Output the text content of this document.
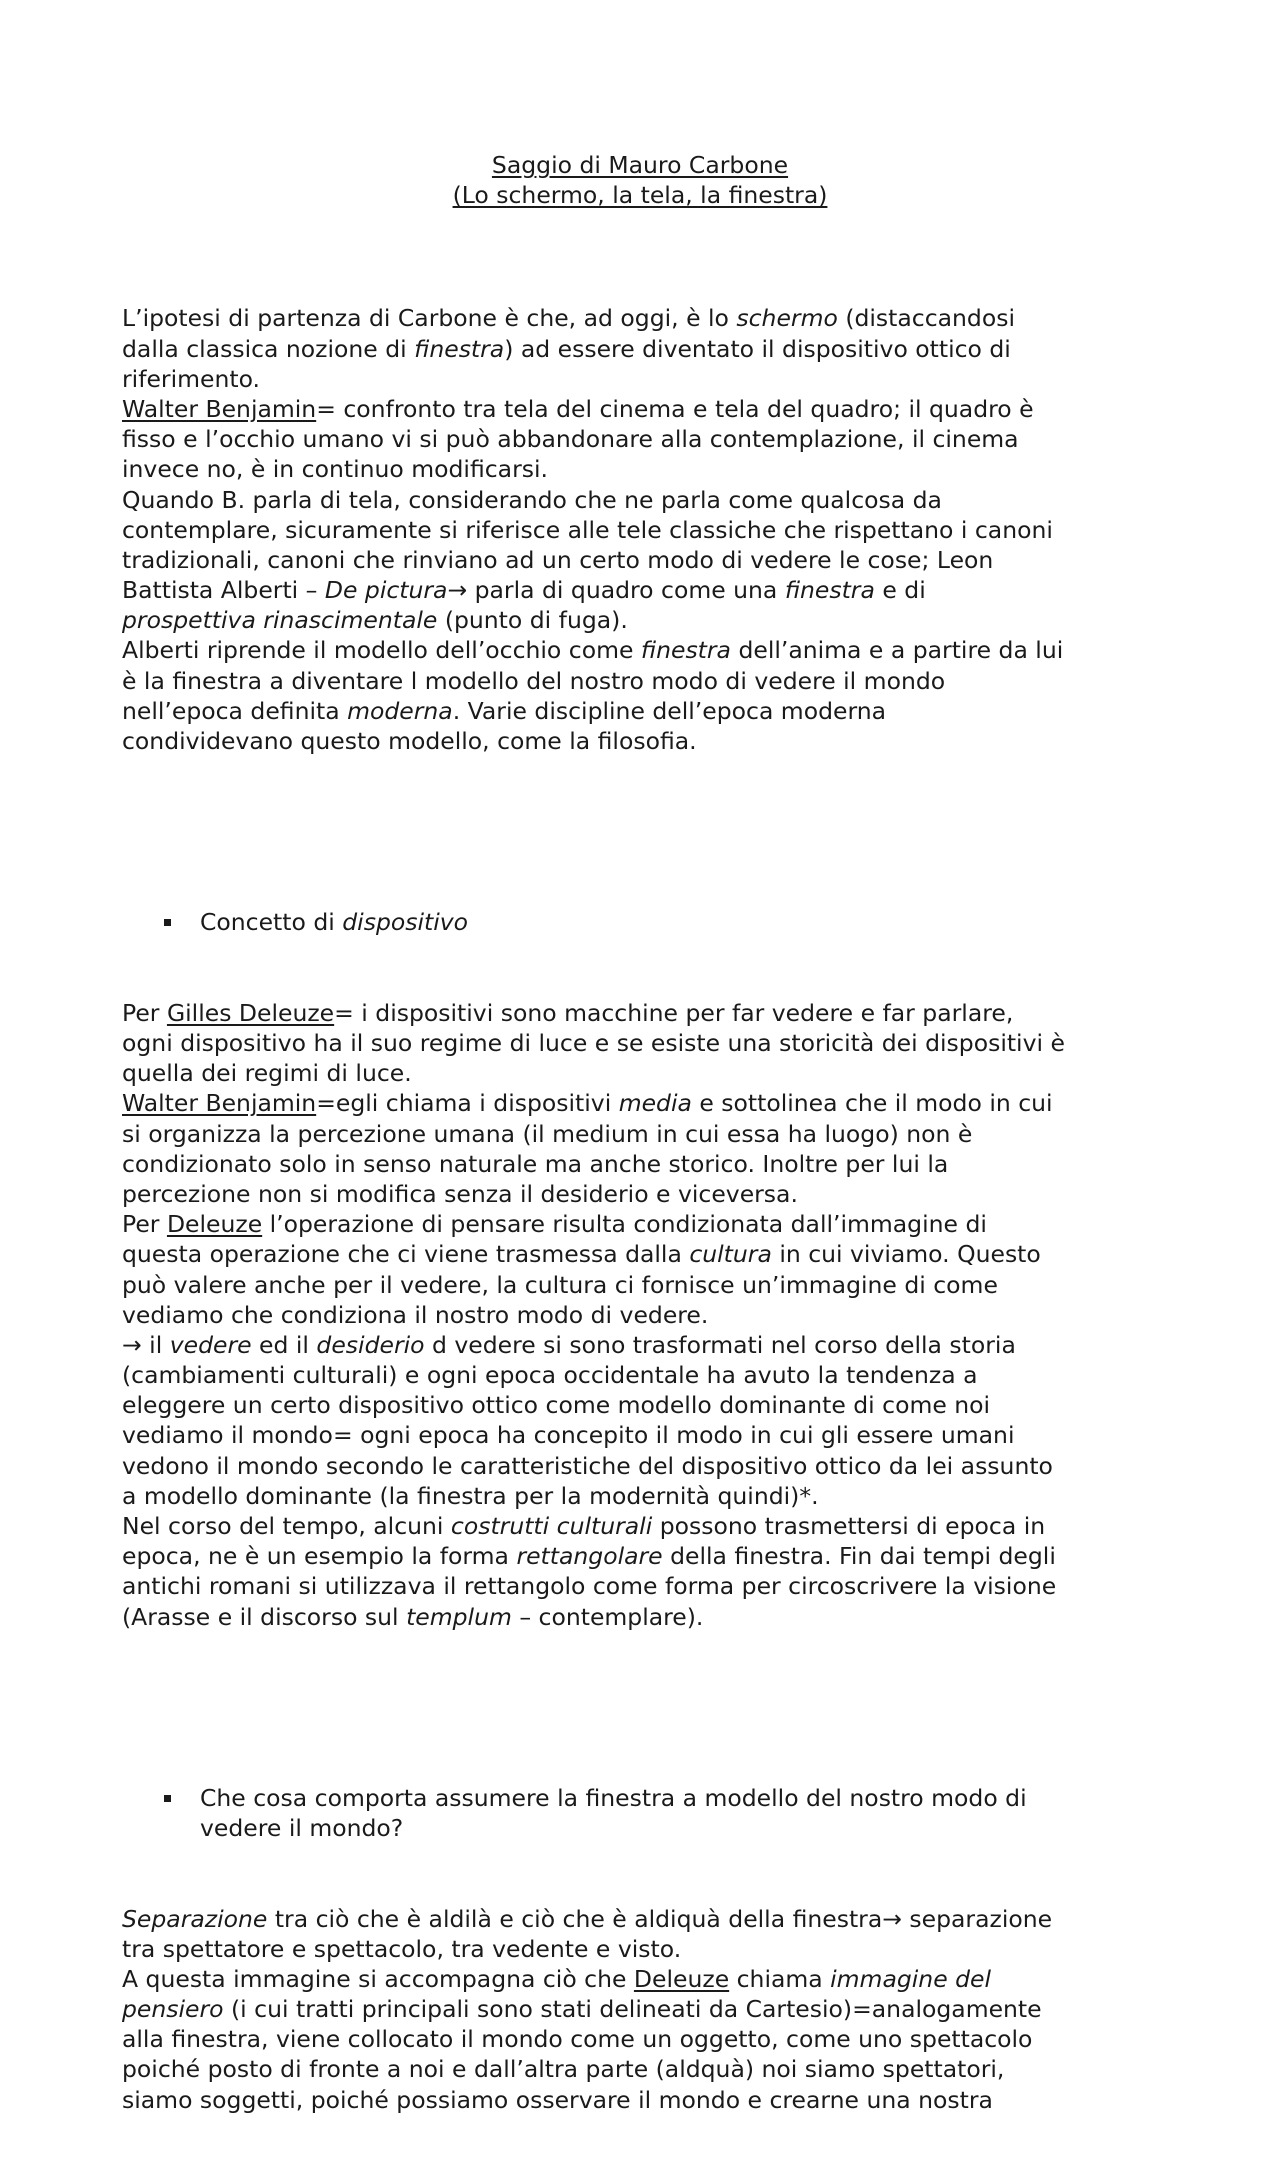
Saggio di Mauro Carbone
(Lo schermo, la tela, la finestra)

L’ipotesi di partenza di Carbone è che, ad oggi, è lo schermo (distaccandosi
dalla classica nozione di finestra) ad essere diventato il dispositivo ottico di
riferimento.
Walter Benjamin= confronto tra tela del cinema e tela del quadro; il quadro è
fisso e l’occhio umano vi si può abbandonare alla contemplazione, il cinema
invece no, è in continuo modificarsi.
Quando B. parla di tela, considerando che ne parla come qualcosa da
contemplare, sicuramente si riferisce alle tele classiche che rispettano i canoni
tradizionali, canoni che rinviano ad un certo modo di vedere le cose; Leon
Battista Alberti – De pictura→ parla di quadro come una finestra e di
prospettiva rinascimentale (punto di fuga).
Alberti riprende il modello dell’occhio come finestra dell’anima e a partire da lui
è la finestra a diventare l modello del nostro modo di vedere il mondo
nell’epoca definita moderna. Varie discipline dell’epoca moderna
condividevano questo modello, come la filosofia.

Concetto di dispositivo

Per Gilles Deleuze= i dispositivi sono macchine per far vedere e far parlare,
ogni dispositivo ha il suo regime di luce e se esiste una storicità dei dispositivi è
quella dei regimi di luce.
Walter Benjamin=egli chiama i dispositivi media e sottolinea che il modo in cui
si organizza la percezione umana (il medium in cui essa ha luogo) non è
condizionato solo in senso naturale ma anche storico. Inoltre per lui la
percezione non si modifica senza il desiderio e viceversa.
Per Deleuze l’operazione di pensare risulta condizionata dall’immagine di
questa operazione che ci viene trasmessa dalla cultura in cui viviamo. Questo
può valere anche per il vedere, la cultura ci fornisce un’immagine di come
vediamo che condiziona il nostro modo di vedere.
→ il vedere ed il desiderio d vedere si sono trasformati nel corso della storia
(cambiamenti culturali) e ogni epoca occidentale ha avuto la tendenza a
eleggere un certo dispositivo ottico come modello dominante di come noi
vediamo il mondo= ogni epoca ha concepito il modo in cui gli essere umani
vedono il mondo secondo le caratteristiche del dispositivo ottico da lei assunto
a modello dominante (la finestra per la modernità quindi)*.
Nel corso del tempo, alcuni costrutti culturali possono trasmettersi di epoca in
epoca, ne è un esempio la forma rettangolare della finestra. Fin dai tempi degli
antichi romani si utilizzava il rettangolo come forma per circoscrivere la visione
(Arasse e il discorso sul templum – contemplare).

Che cosa comporta assumere la finestra a modello del nostro modo di
vedere il mondo?

Separazione tra ciò che è aldilà e ciò che è aldiquà della finestra→ separazione
tra spettatore e spettacolo, tra vedente e visto.
A questa immagine si accompagna ciò che Deleuze chiama immagine del
pensiero (i cui tratti principali sono stati delineati da Cartesio)=analogamente
alla finestra, viene collocato il mondo come un oggetto, come uno spettacolo
poiché posto di fronte a noi e dall’altra parte (aldquà) noi siamo spettatori,
siamo soggetti, poiché possiamo osservare il mondo e crearne una nostra
